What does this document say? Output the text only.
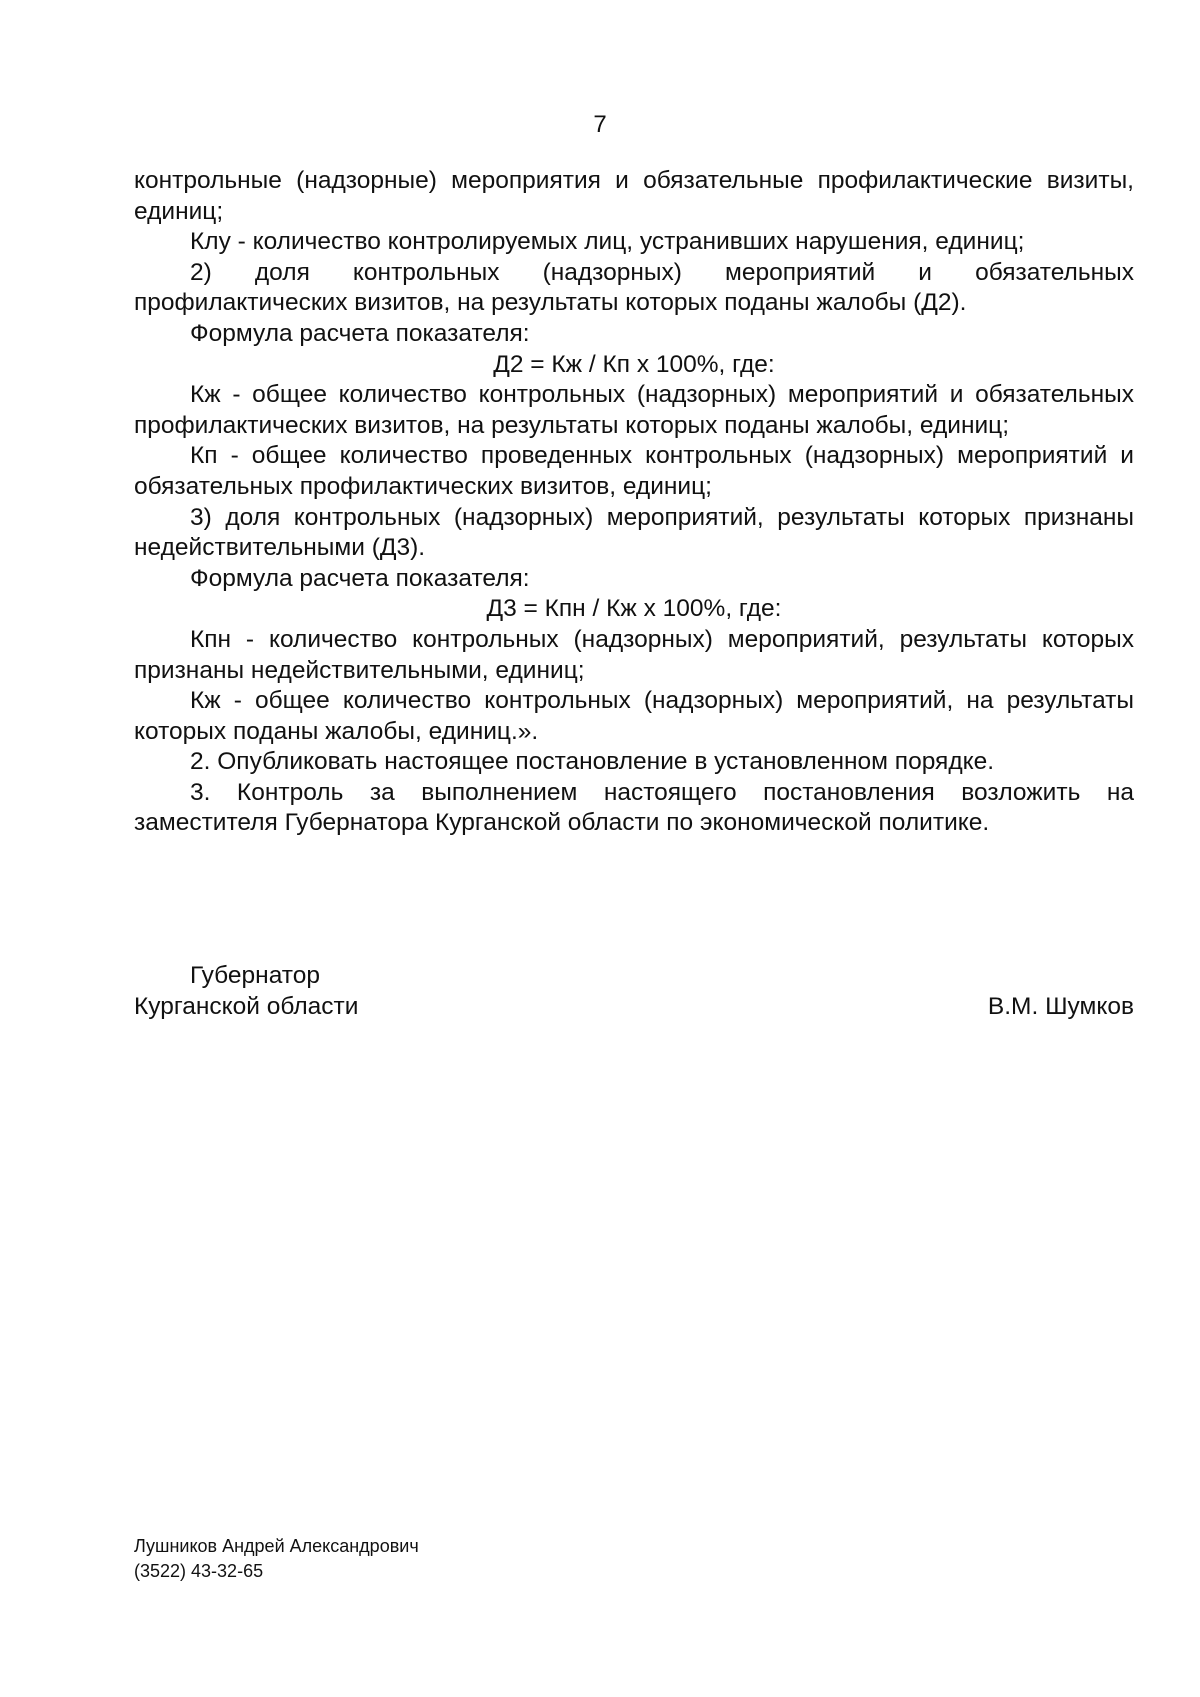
7

контрольные (надзорные) мероприятия и обязательные профилактические визиты, единиц;

Клу - количество контролируемых лиц, устранивших нарушения, единиц;

2) доля контрольных (надзорных) мероприятий и обязательных профилактических визитов, на результаты которых поданы жалобы (Д2).

Формула расчета показателя:

Д2 = Кж / Кп х 100%, где:

Кж - общее количество контрольных (надзорных) мероприятий и обязательных профилактических визитов, на результаты которых поданы жалобы, единиц;

Кп - общее количество проведенных контрольных (надзорных) мероприятий и обязательных профилактических визитов, единиц;

3) доля контрольных (надзорных) мероприятий, результаты которых признаны недействительными (Д3).

Формула расчета показателя:

Д3 = Кпн / Кж х 100%, где:

Кпн - количество контрольных (надзорных) мероприятий, результаты которых признаны недействительными, единиц;

Кж - общее количество контрольных (надзорных) мероприятий, на результаты которых поданы жалобы, единиц.».

2. Опубликовать настоящее постановление в установленном порядке.

3. Контроль за выполнением настоящего постановления возложить на заместителя Губернатора Курганской области по экономической политике.

Губернатор
Курганской области	В.М. Шумков
Лушников Андрей Александрович
(3522) 43-32-65
